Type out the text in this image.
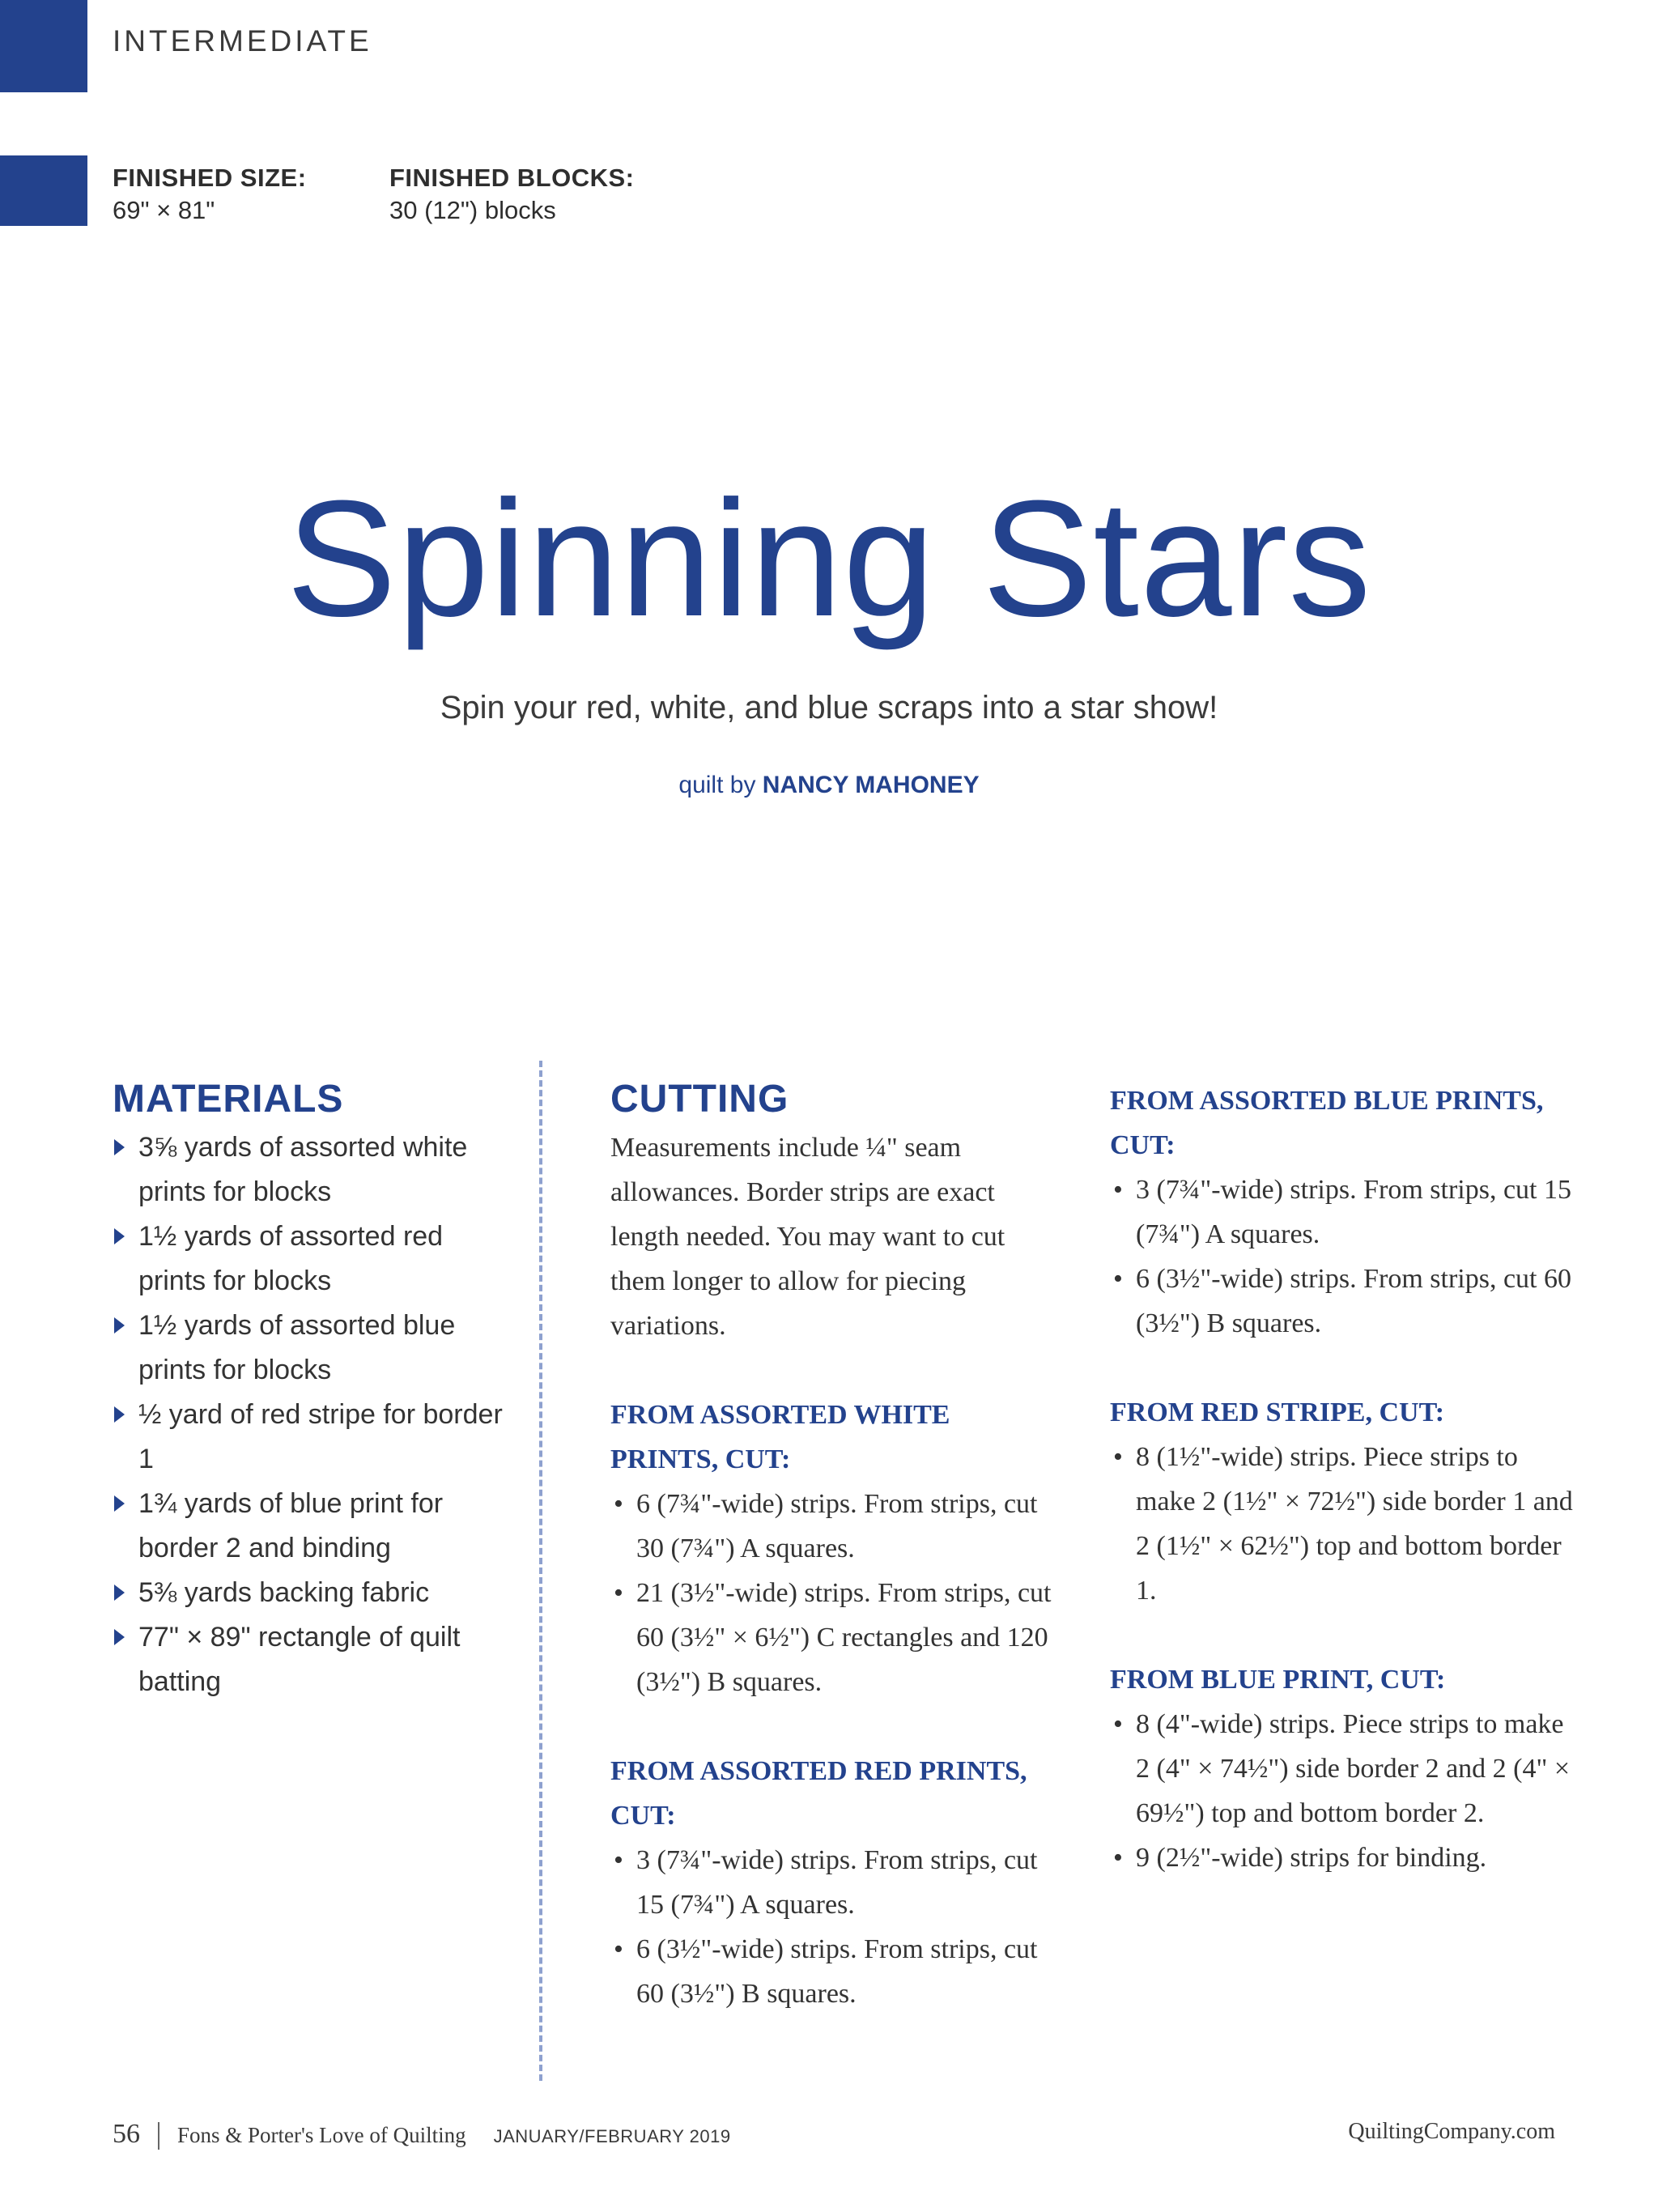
INTERMEDIATE
FINISHED SIZE:
69" × 81"
FINISHED BLOCKS:
30 (12") blocks
Spinning Stars
Spin your red, white, and blue scraps into a star show!
quilt by NANCY MAHONEY
MATERIALS
3⅝ yards of assorted white prints for blocks
1½ yards of assorted red prints for blocks
1½ yards of assorted blue prints for blocks
½ yard of red stripe for border 1
1¾ yards of blue print for border 2 and binding
5⅜ yards backing fabric
77" × 89" rectangle of quilt batting
CUTTING

Measurements include ¼" seam allowances. Border strips are exact length needed. You may want to cut them longer to allow for piecing variations.

FROM ASSORTED WHITE PRINTS, CUT:
• 6 (7¾"-wide) strips. From strips, cut 30 (7¾") A squares.
• 21 (3½"-wide) strips. From strips, cut 60 (3½" × 6½") C rectangles and 120 (3½") B squares.
FROM ASSORTED RED PRINTS, CUT:
• 3 (7¾"-wide) strips. From strips, cut 15 (7¾") A squares.
• 6 (3½"-wide) strips. From strips, cut 60 (3½") B squares.
FROM ASSORTED BLUE PRINTS, CUT:
• 3 (7¾"-wide) strips. From strips, cut 15 (7¾") A squares.
• 6 (3½"-wide) strips. From strips, cut 60 (3½") B squares.
FROM RED STRIPE, CUT:
• 8 (1½"-wide) strips. Piece strips to make 2 (1½" × 72½") side border 1 and 2 (1½" × 62½") top and bottom border 1.
FROM BLUE PRINT, CUT:
• 8 (4"-wide) strips. Piece strips to make 2 (4" × 74½") side border 2 and 2 (4" × 69½") top and bottom border 2.
• 9 (2½"-wide) strips for binding.
56 Fons & Porter's Love of Quilting JANUARY/FEBRUARY 2019	QuiltingCompany.com
